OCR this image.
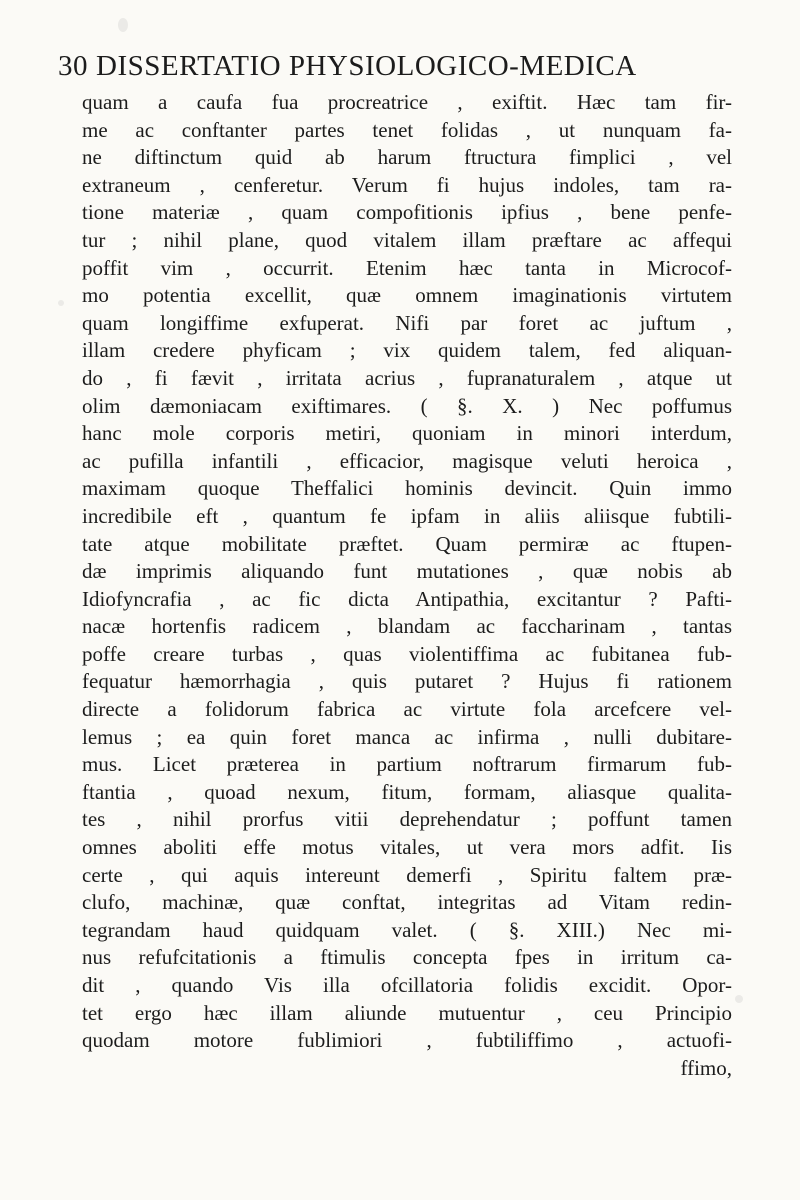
30 DISSERTATIO PHYSIOLOGICO-MEDICA
quam a caufa fua procreatrice , exiftit. Hæc tam fir-
me ac conftanter partes tenet folidas , ut nunquam fa-
ne diftinctum quid ab harum ftructura fimplici , vel
extraneum , cenferetur. Verum fi hujus indoles, tam ra-
tione materiæ , quam compofitionis ipfius , bene penfe-
tur ; nihil plane, quod vitalem illam præftare ac affequi
poffit vim , occurrit. Etenim hæc tanta in Microcof-
mo potentia excellit, quæ omnem imaginationis virtutem
quam longiffime exfuperat. Nifi par foret ac juftum ,
illam credere phyficam ; vix quidem talem, fed aliquan-
do , fi fævit , irritata acrius , fupranaturalem , atque ut
olim dæmoniacam exiftimares. ( §. X. ) Nec poffumus
hanc mole corporis metiri, quoniam in minori interdum,
ac pufilla infantili , efficacior, magisque veluti heroica ,
maximam quoque Theffalici hominis devincit. Quin immo
incredibile eft , quantum fe ipfam in aliis aliisque fubtili-
tate atque mobilitate præftet. Quam permiræ ac ftupen-
dæ imprimis aliquando funt mutationes , quæ nobis ab
Idiofyncrafia , ac fic dicta Antipathia, excitantur ? Pafti-
nacæ hortenfis radicem , blandam ac faccharinam , tantas
poffe creare turbas , quas violentiffima ac fubitanea fub-
fequatur hæmorrhagia , quis putaret ? Hujus fi rationem
directe a folidorum fabrica ac virtute fola arcefcere vel-
lemus ; ea quin foret manca ac infirma , nulli dubitare-
mus. Licet præterea in partium noftrarum firmarum fub-
ftantia , quoad nexum, fitum, formam, aliasque qualita-
tes , nihil prorfus vitii deprehendatur ; poffunt tamen
omnes aboliti effe motus vitales, ut vera mors adfit. Iis
certe , qui aquis intereunt demerfi , Spiritu faltem præ-
clufo, machinæ, quæ conftat, integritas ad Vitam redin-
tegrandam haud quidquam valet. ( §. XIII.) Nec mi-
nus refufcitationis a ftimulis concepta fpes in irritum ca-
dit , quando Vis illa ofcillatoria folidis excidit. Opor-
tet ergo hæc illam aliunde mutuentur , ceu Principio
quodam motore fublimiori , fubtiliffimo , actuofi-
ffimo,
